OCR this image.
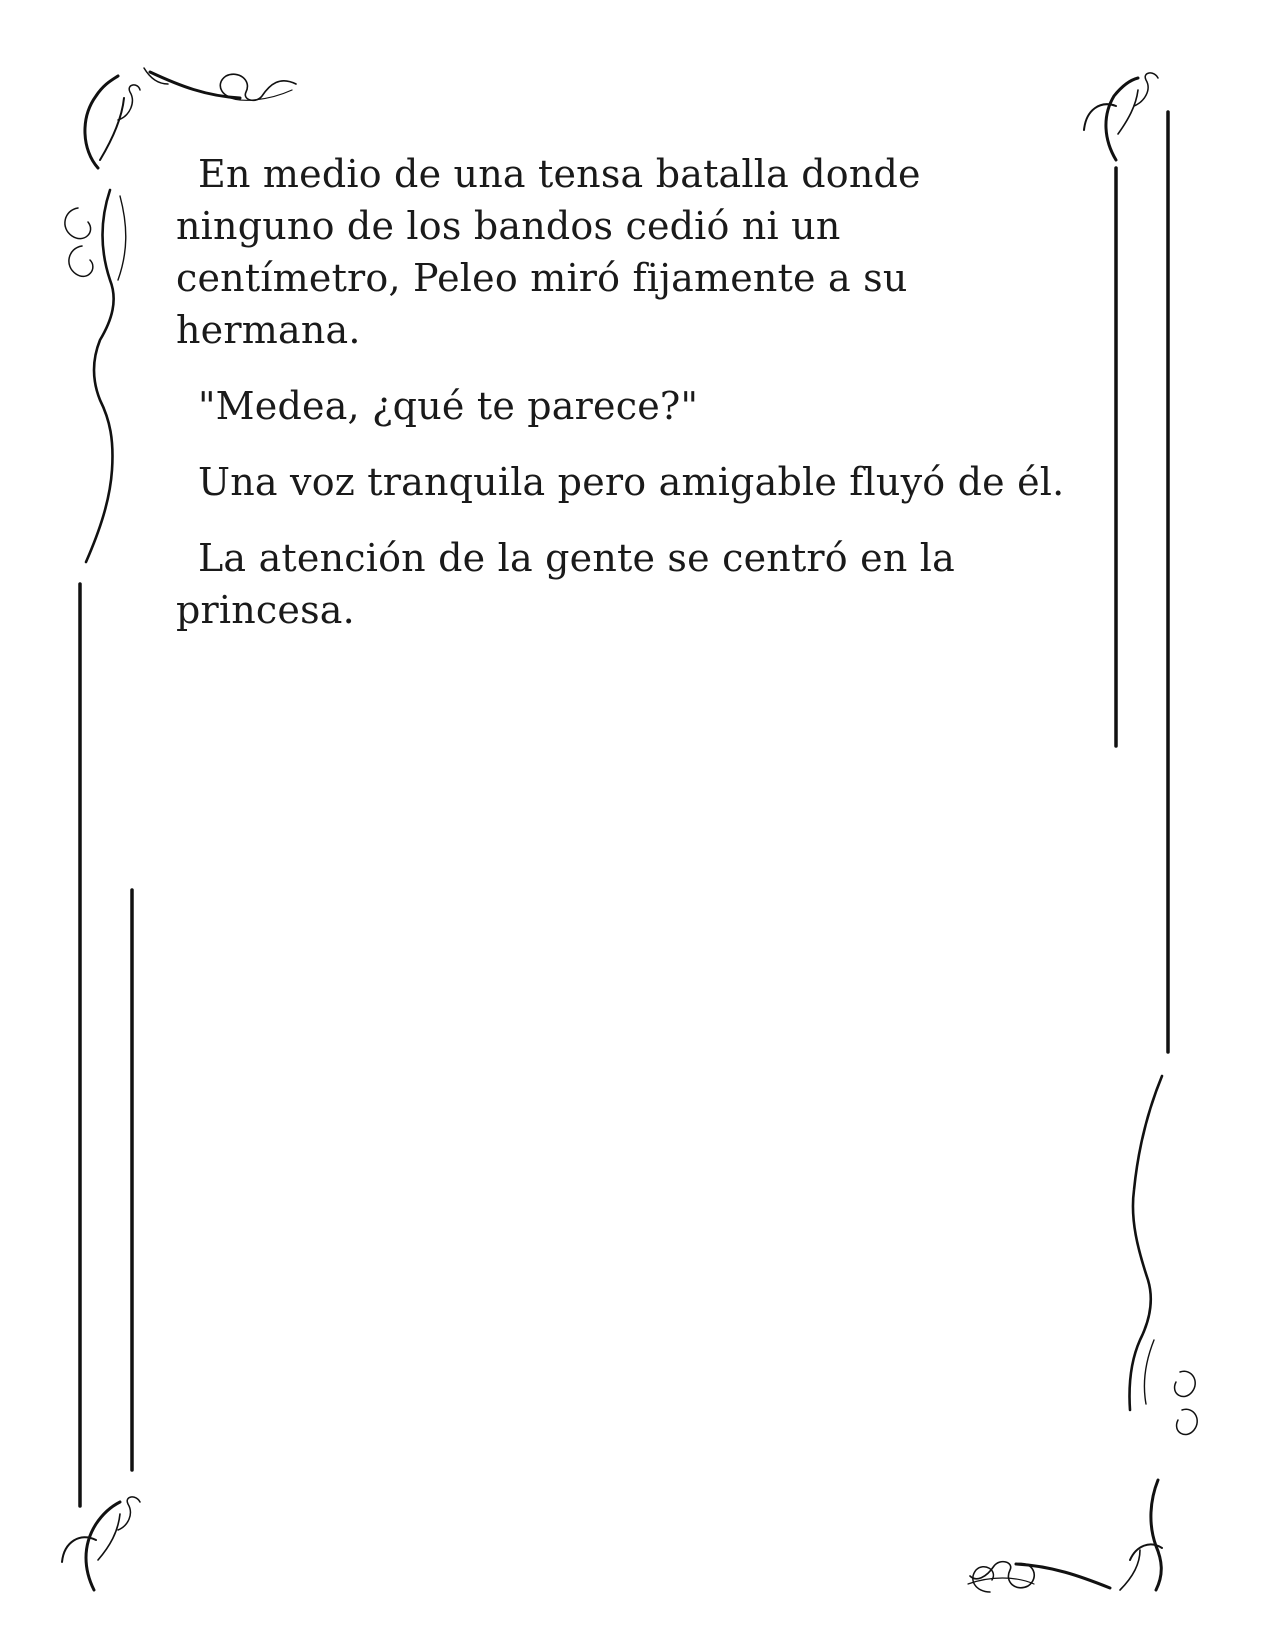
En medio de una tensa batalla donde ninguno de los bandos cedió ni un centímetro, Peleo miró fijamente a su hermana.

"Medea, ¿qué te parece?"

Una voz tranquila pero amigable fluyó de él.

La atención de la gente se centró en la princesa.
